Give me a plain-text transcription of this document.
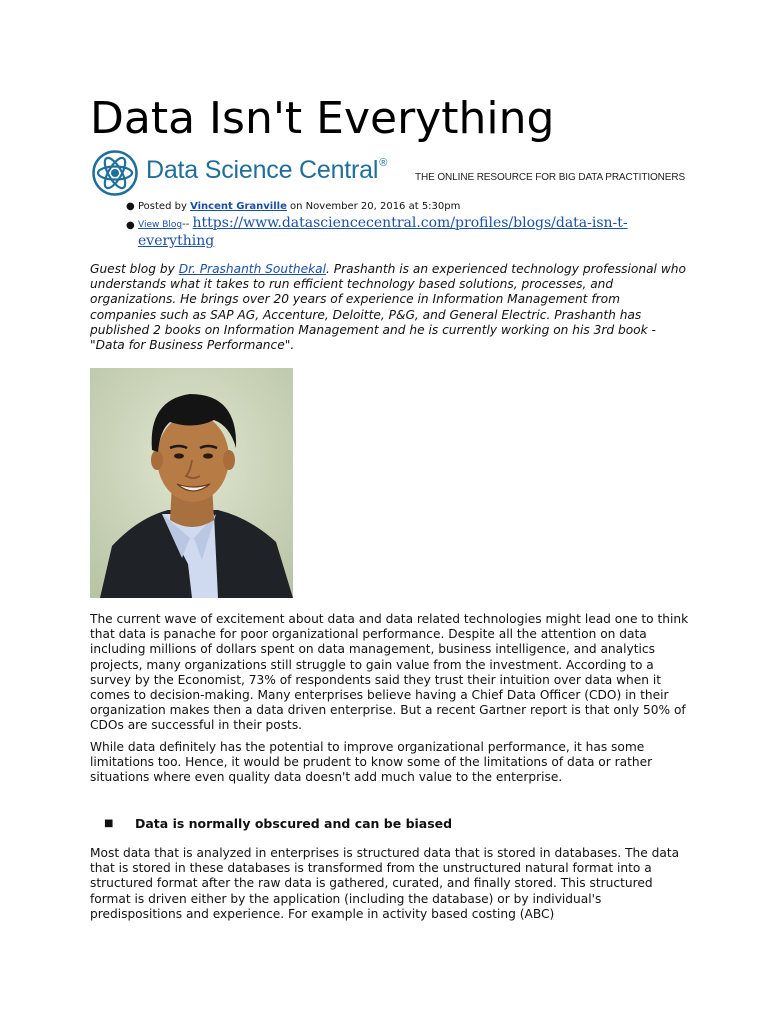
Data Isn't Everything
Data Science Central®
THE ONLINE RESOURCE FOR BIG DATA PRACTITIONERS
● Posted by Vincent Granville on November 20, 2016 at 5:30pm
● View Blog-- https://www.datasciencecentral.com/profiles/blogs/data-isn-t-
everything

Guest blog by Dr. Prashanth Southekal. Prashanth is an experienced technology professional who understands what it takes to run efficient technology based solutions, processes, and organizations. He brings over 20 years of experience in Information Management from companies such as SAP AG, Accenture, Deloitte, P&G, and General Electric. Prashanth has published 2 books on Information Management and he is currently working on his 3rd book - "Data for Business Performance".

The current wave of excitement about data and data related technologies might lead one to think that data is panache for poor organizational performance. Despite all the attention on data including millions of dollars spent on data management, business intelligence, and analytics projects, many organizations still struggle to gain value from the investment. According to a survey by the Economist, 73% of respondents said they trust their intuition over data when it comes to decision-making. Many enterprises believe having a Chief Data Officer (CDO) in their organization makes then a data driven enterprise. But a recent Gartner report is that only 50% of CDOs are successful in their posts.

While data definitely has the potential to improve organizational performance, it has some limitations too. Hence, it would be prudent to know some of the limitations of data or rather situations where even quality data doesn't add much value to the enterprise.

■ Data is normally obscured and can be biased

Most data that is analyzed in enterprises is structured data that is stored in databases. The data that is stored in these databases is transformed from the unstructured natural format into a structured format after the raw data is gathered, curated, and finally stored. This structured format is driven either by the application (including the database) or by individual's predispositions and experience. For example in activity based costing (ABC)
